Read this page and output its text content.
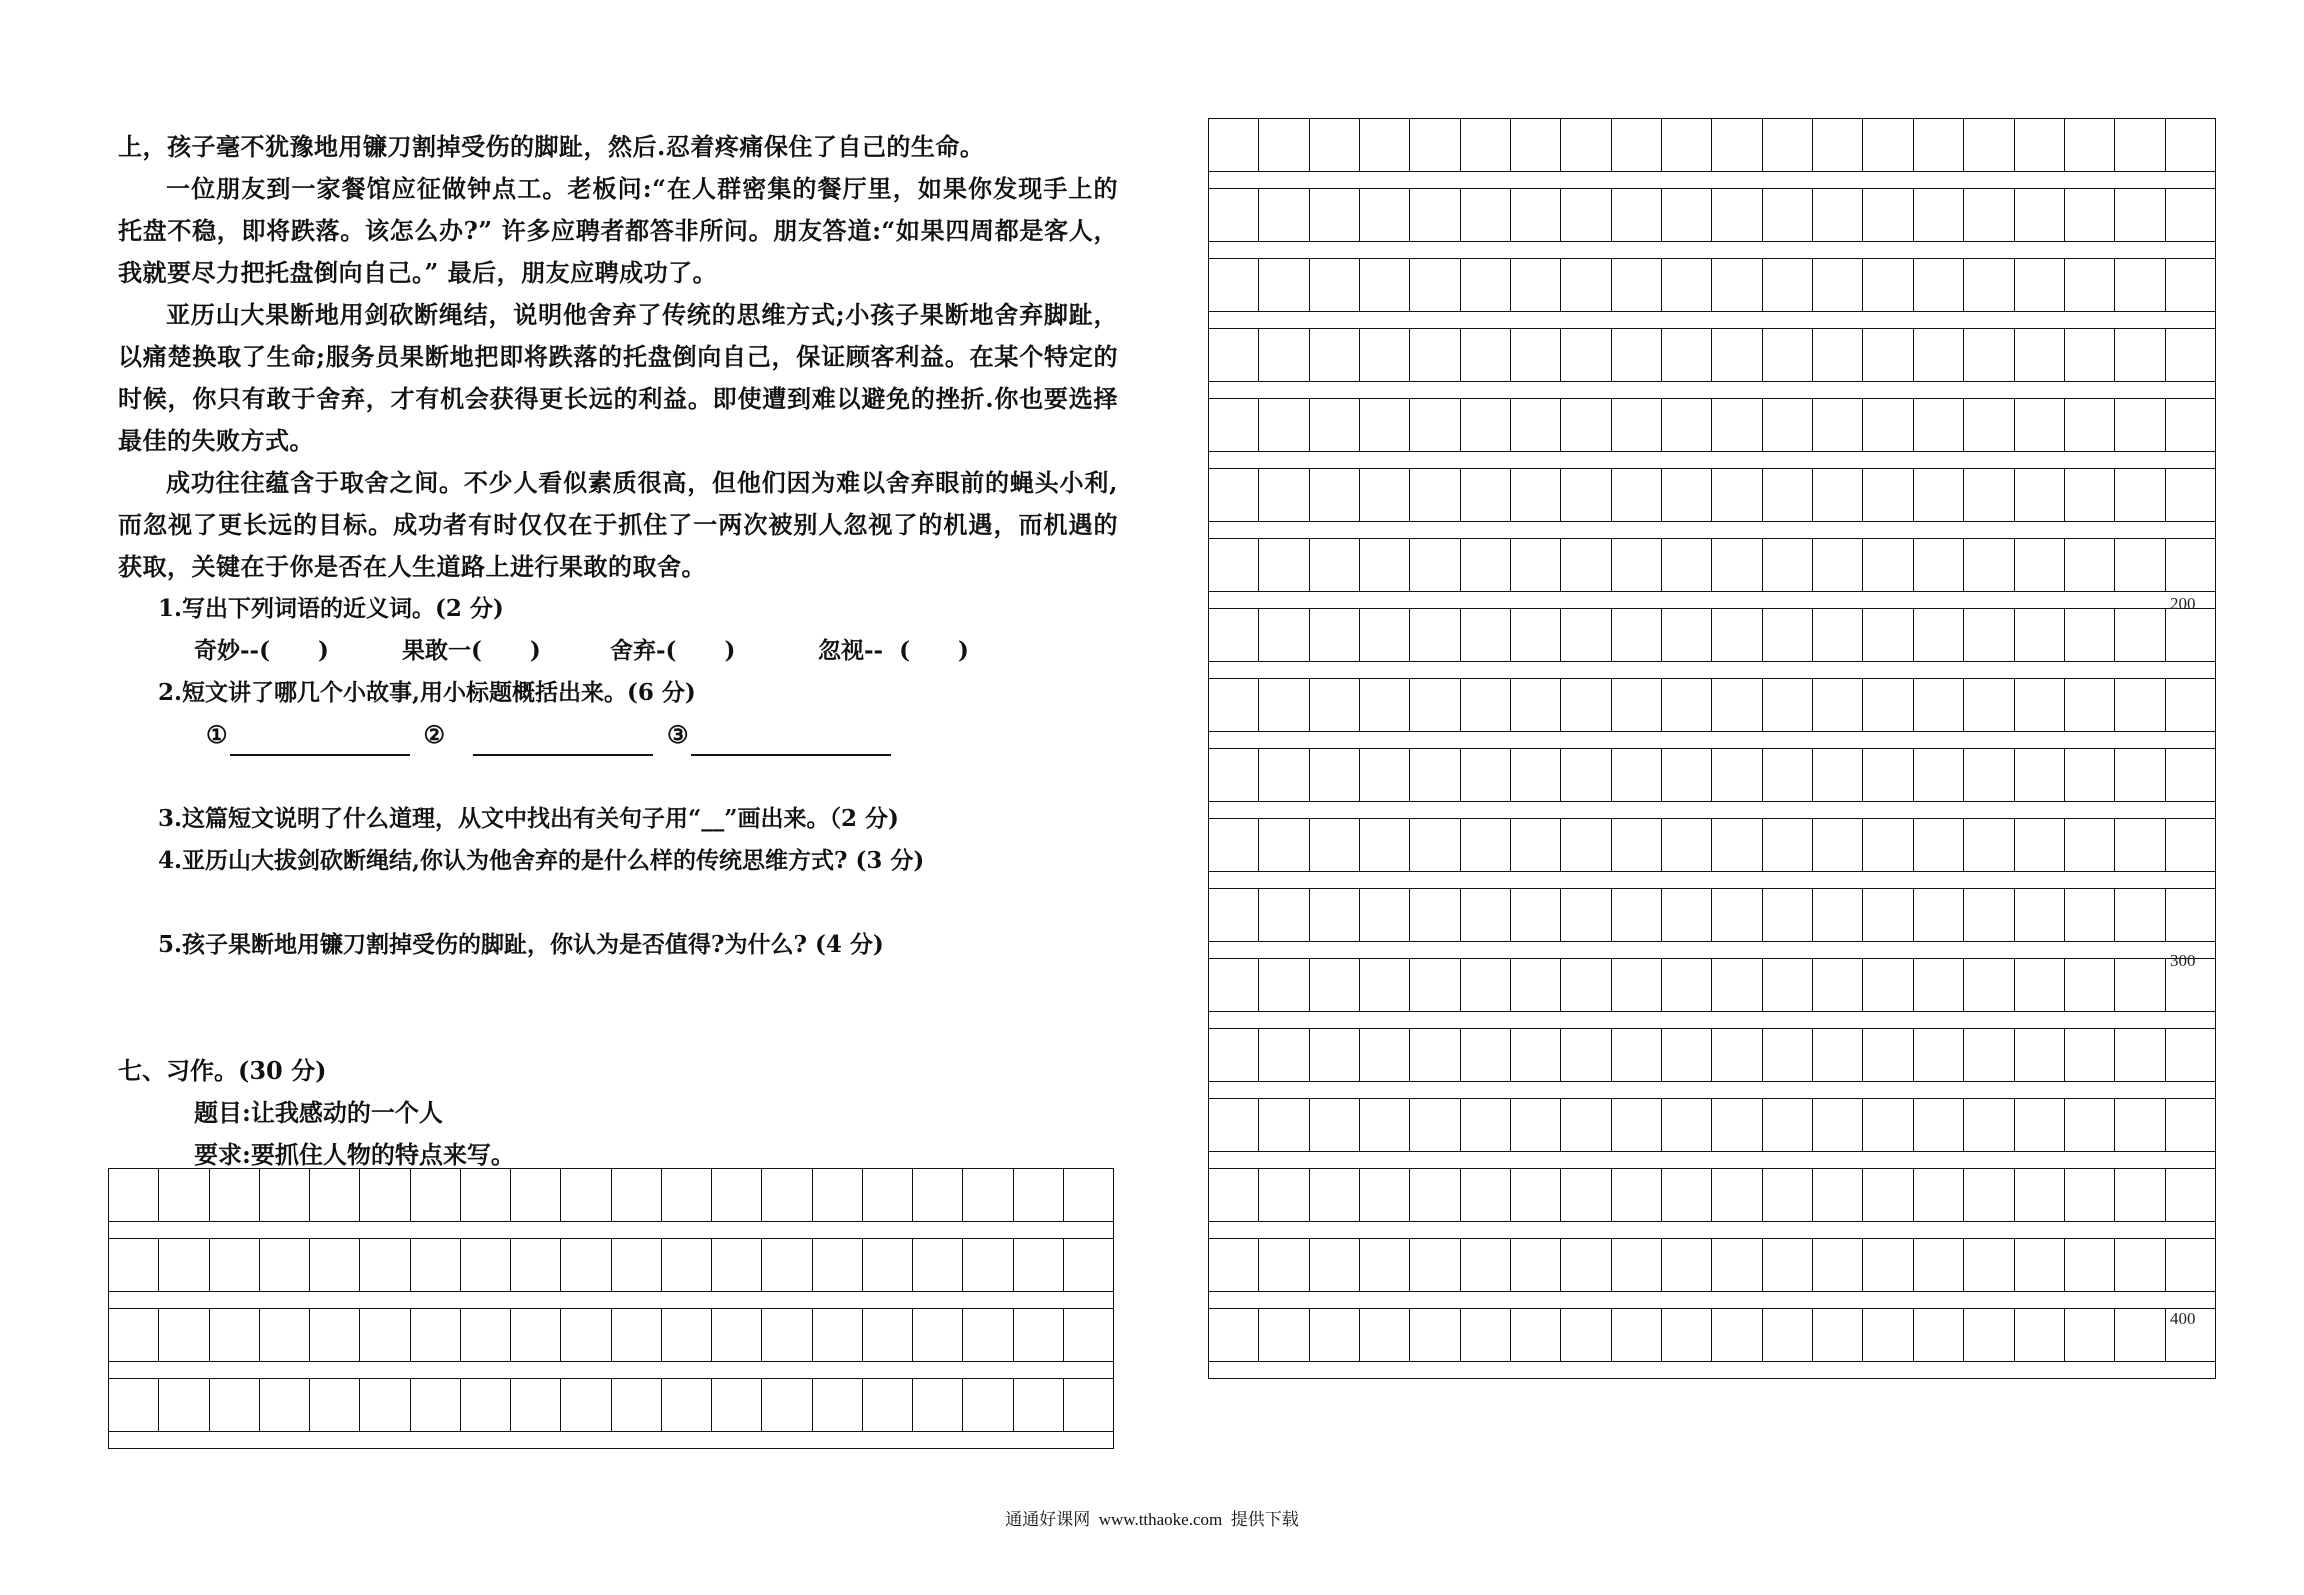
上，孩子毫不犹豫地用镰刀割掉受伤的脚趾，然后.忍着疼痛保住了自己的生命。

一位朋友到一家餐馆应征做钟点工。老板问:“在人群密集的餐厅里，如果你发现手上的托盘不稳，即将跌落。该怎么办?” 许多应聘者都答非所问。朋友答道:“如果四周都是客人，我就要尽力把托盘倒向自己。” 最后，朋友应聘成功了。

亚历山大果断地用剑砍断绳结，说明他舍弃了传统的思维方式;小孩子果断地舍弃脚趾，以痛楚换取了生命;服务员果断地把即将跌落的托盘倒向自己，保证顾客利益。在某个特定的时候，你只有敢于舍弃，才有机会获得更长远的利益。即使遭到难以避免的挫折.你也要选择最佳的失败方式。

成功往往蕴含于取舍之间。不少人看似素质很高，但他们因为难以舍弃眼前的蝇头小利,而忽视了更长远的目标。成功者有时仅仅在于抓住了一两次被别人忽视了的机遇，而机遇的获取，关键在于你是否在人生道路上进行果敢的取舍。

1.写出下列词语的近义词。(2 分)

奇妙--(      )	果敢一(      )	舍弃-(      )	忽视--  (      )

2.短文讲了哪几个小故事,用小标题概括出来。(6 分)

①	②	③

3.这篇短文说明了什么道理，从文中找出有关句子用“__”画出来。（2 分)

4.亚历山大拔剑砍断绳结,你认为他舍弃的是什么样的传统思维方式? (3 分)

5.孩子果断地用镰刀割掉受伤的脚趾，你认为是否值得?为什么? (4 分)

七、习作。(30 分)

题目:让我感动的一个人

要求:要抓住人物的特点来写。

200
300
400
通通好课网  www.tthaoke.com  提供下载
